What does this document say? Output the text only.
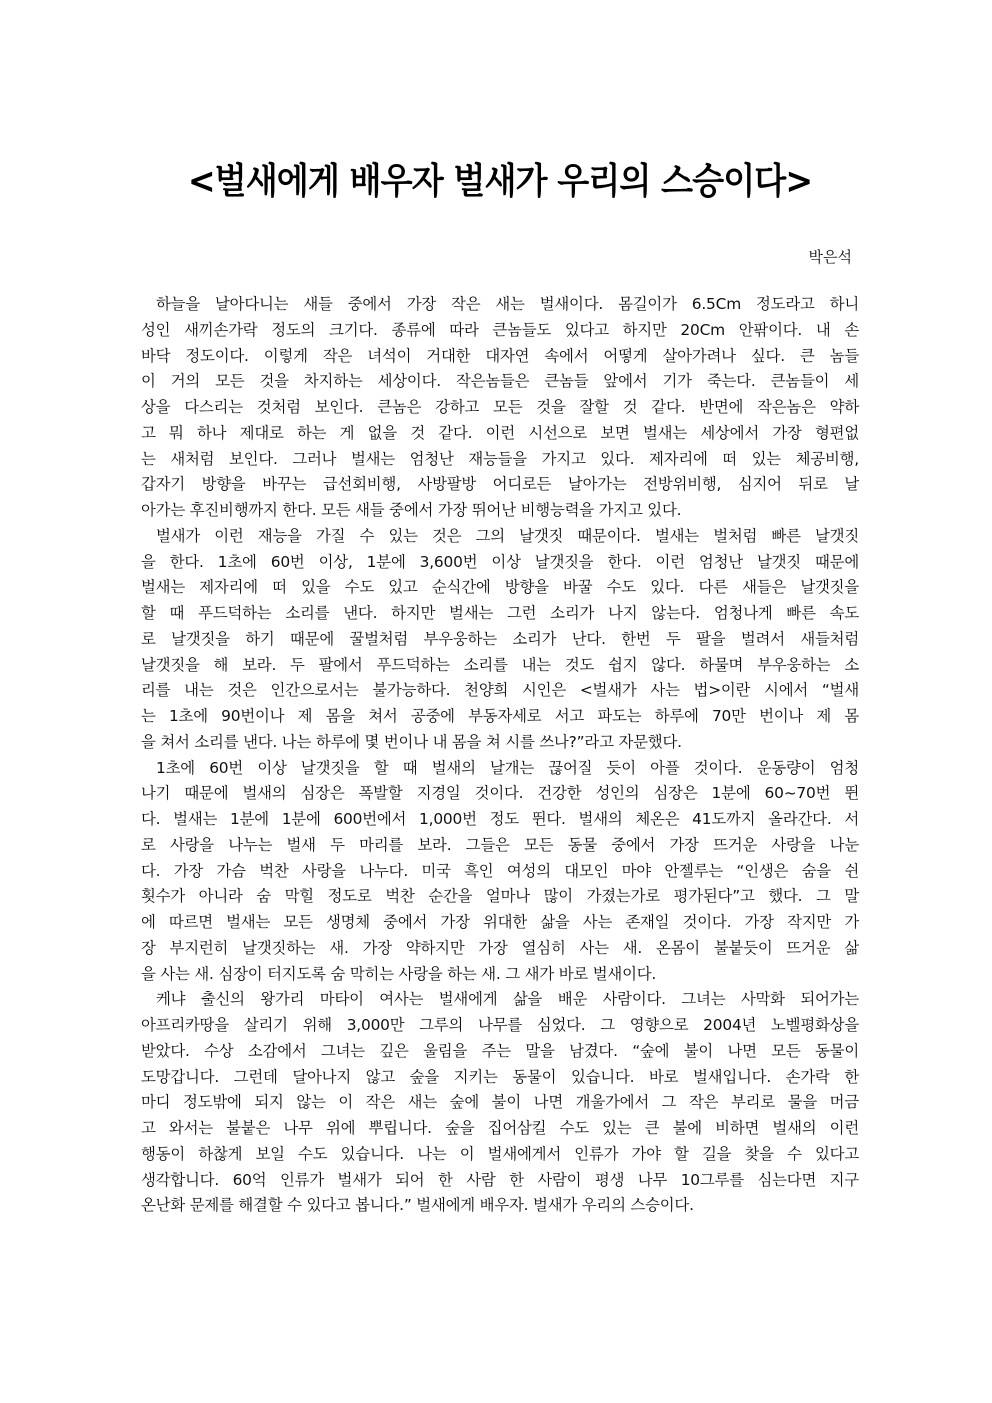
<벌새에게 배우자 벌새가 우리의 스승이다>
박은석
하늘을 날아다니는 새들 중에서 가장 작은 새는 벌새이다. 몸길이가 6.5Cm 정도라고 하니
성인 새끼손가락 정도의 크기다. 종류에 따라 큰놈들도 있다고 하지만 20Cm 안팎이다. 내 손
바닥 정도이다. 이렇게 작은 녀석이 거대한 대자연 속에서 어떻게 살아가려나 싶다. 큰 놈들
이 거의 모든 것을 차지하는 세상이다. 작은놈들은 큰놈들 앞에서 기가 죽는다. 큰놈들이 세
상을 다스리는 것처럼 보인다. 큰놈은 강하고 모든 것을 잘할 것 같다. 반면에 작은놈은 약하
고 뭐 하나 제대로 하는 게 없을 것 같다. 이런 시선으로 보면 벌새는 세상에서 가장 형편없
는 새처럼 보인다. 그러나 벌새는 엄청난 재능들을 가지고 있다. 제자리에 떠 있는 체공비행,
갑자기 방향을 바꾸는 급선회비행, 사방팔방 어디로든 날아가는 전방위비행, 심지어 뒤로 날
아가는 후진비행까지 한다. 모든 새들 중에서 가장 뛰어난 비행능력을 가지고 있다.
벌새가 이런 재능을 가질 수 있는 것은 그의 날갯짓 때문이다. 벌새는 벌처럼 빠른 날갯짓
을 한다. 1초에 60번 이상, 1분에 3,600번 이상 날갯짓을 한다. 이런 엄청난 날갯짓 때문에
벌새는 제자리에 떠 있을 수도 있고 순식간에 방향을 바꿀 수도 있다. 다른 새들은 날갯짓을
할 때 푸드덕하는 소리를 낸다. 하지만 벌새는 그런 소리가 나지 않는다. 엄청나게 빠른 속도
로 날갯짓을 하기 때문에 꿀벌처럼 부우웅하는 소리가 난다. 한번 두 팔을 벌려서 새들처럼
날갯짓을 해 보라. 두 팔에서 푸드덕하는 소리를 내는 것도 쉽지 않다. 하물며 부우웅하는 소
리를 내는 것은 인간으로서는 불가능하다. 천양희 시인은 <벌새가 사는 법>이란 시에서 “벌새
는 1초에 90번이나 제 몸을 쳐서 공중에 부동자세로 서고 파도는 하루에 70만 번이나 제 몸
을 쳐서 소리를 낸다. 나는 하루에 몇 번이나 내 몸을 쳐 시를 쓰나?”라고 자문했다.
1초에 60번 이상 날갯짓을 할 때 벌새의 날개는 끊어질 듯이 아플 것이다. 운동량이 엄청
나기 때문에 벌새의 심장은 폭발할 지경일 것이다. 건강한 성인의 심장은 1분에 60~70번 뛴
다. 벌새는 1분에 1분에 600번에서 1,000번 정도 뛴다. 벌새의 체온은 41도까지 올라간다. 서
로 사랑을 나누는 벌새 두 마리를 보라. 그들은 모든 동물 중에서 가장 뜨거운 사랑을 나눈
다. 가장 가슴 벅찬 사랑을 나누다. 미국 흑인 여성의 대모인 마야 안젤루는 “인생은 숨을 쉰
횟수가 아니라 숨 막힐 정도로 벅찬 순간을 얼마나 많이 가졌는가로 평가된다”고 했다. 그 말
에 따르면 벌새는 모든 생명체 중에서 가장 위대한 삶을 사는 존재일 것이다. 가장 작지만 가
장 부지런히 날갯짓하는 새. 가장 약하지만 가장 열심히 사는 새. 온몸이 불붙듯이 뜨거운 삶
을 사는 새. 심장이 터지도록 숨 막히는 사랑을 하는 새. 그 새가 바로 벌새이다.
케냐 출신의 왕가리 마타이 여사는 벌새에게 삶을 배운 사람이다. 그녀는 사막화 되어가는
아프리카땅을 살리기 위해 3,000만 그루의 나무를 심었다. 그 영향으로 2004년 노벨평화상을
받았다. 수상 소감에서 그녀는 깊은 울림을 주는 말을 남겼다. “숲에 불이 나면 모든 동물이
도망갑니다. 그런데 달아나지 않고 숲을 지키는 동물이 있습니다. 바로 벌새입니다. 손가락 한
마디 정도밖에 되지 않는 이 작은 새는 숲에 불이 나면 개울가에서 그 작은 부리로 물을 머금
고 와서는 불붙은 나무 위에 뿌립니다. 숲을 집어삼킬 수도 있는 큰 불에 비하면 벌새의 이런
행동이 하찮게 보일 수도 있습니다. 나는 이 벌새에게서 인류가 가야 할 길을 찾을 수 있다고
생각합니다. 60억 인류가 벌새가 되어 한 사람 한 사람이 평생 나무 10그루를 심는다면 지구
온난화 문제를 해결할 수 있다고 봅니다.” 벌새에게 배우자. 벌새가 우리의 스승이다.
